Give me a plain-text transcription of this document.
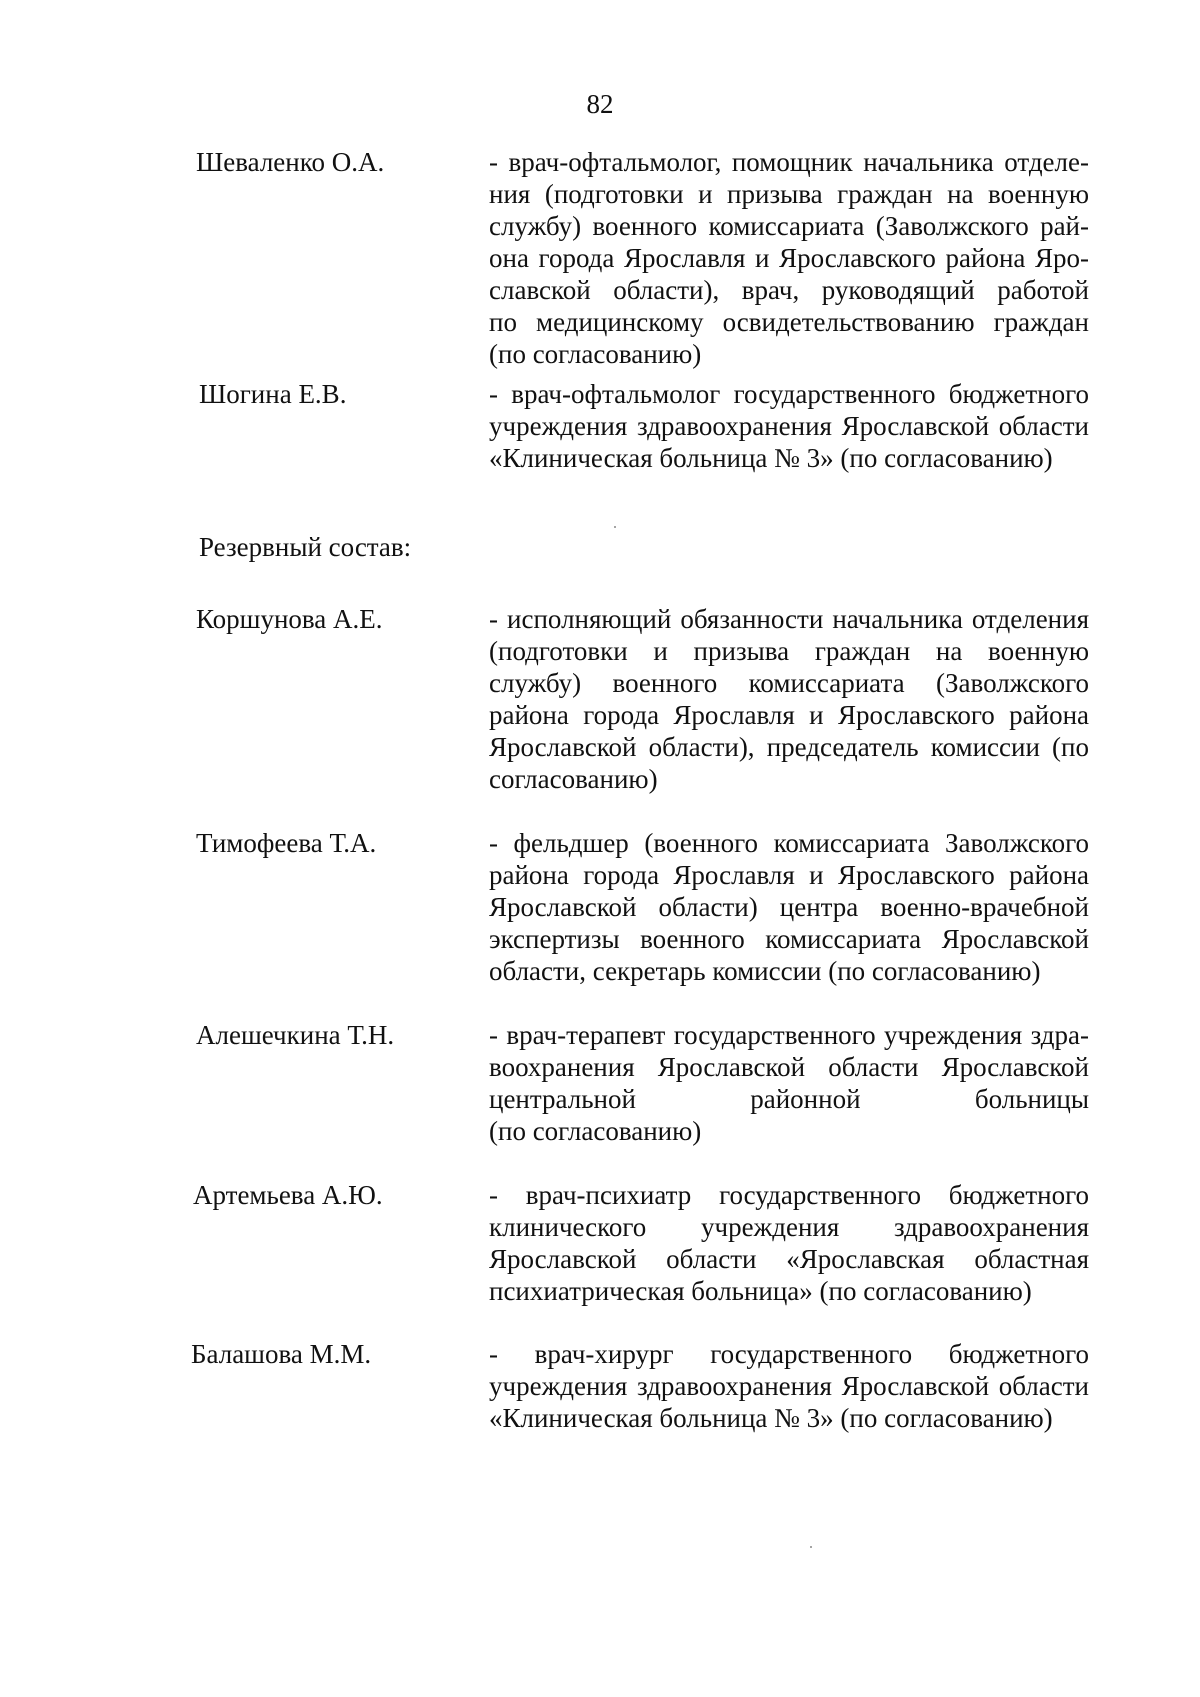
82
Шеваленко О.А.	- врач-офтальмолог, помощник начальника отделе-
ния (подготовки и призыва граждан на военную
службу) военного комиссариата (Заволжского рай-
она города Ярославля и Ярославского района Яро-
славской области), врач, руководящий работой
по медицинскому освидетельствованию граждан
(по согласованию)
Шогина Е.В.	- врач-офтальмолог государственного бюджетного
учреждения здравоохранения Ярославской области
«Клиническая больница № 3» (по согласованию)
Резервный состав:
Коршунова А.Е.	- исполняющий обязанности начальника отделения
(подготовки и призыва граждан на военную
службу) военного комиссариата (Заволжского
района города Ярославля и Ярославского района
Ярославской области), председатель комиссии (по
согласованию)
Тимофеева Т.А.	- фельдшер (военного комиссариата Заволжского
района города Ярославля и Ярославского района
Ярославской области) центра военно-врачебной
экспертизы военного комиссариата Ярославской
области, секретарь комиссии (по согласованию)
Алешечкина Т.Н.	- врач-терапевт государственного учреждения здра-
воохранения Ярославской области Ярославской
центральной районной больницы
(по согласованию)
Артемьева А.Ю.	- врач-психиатр государственного бюджетного
клинического учреждения здравоохранения
Ярославской области «Ярославская областная
психиатрическая больница» (по согласованию)
Балашова М.М.	- врач-хирург государственного бюджетного
учреждения здравоохранения Ярославской области
«Клиническая больница № 3» (по согласованию)
